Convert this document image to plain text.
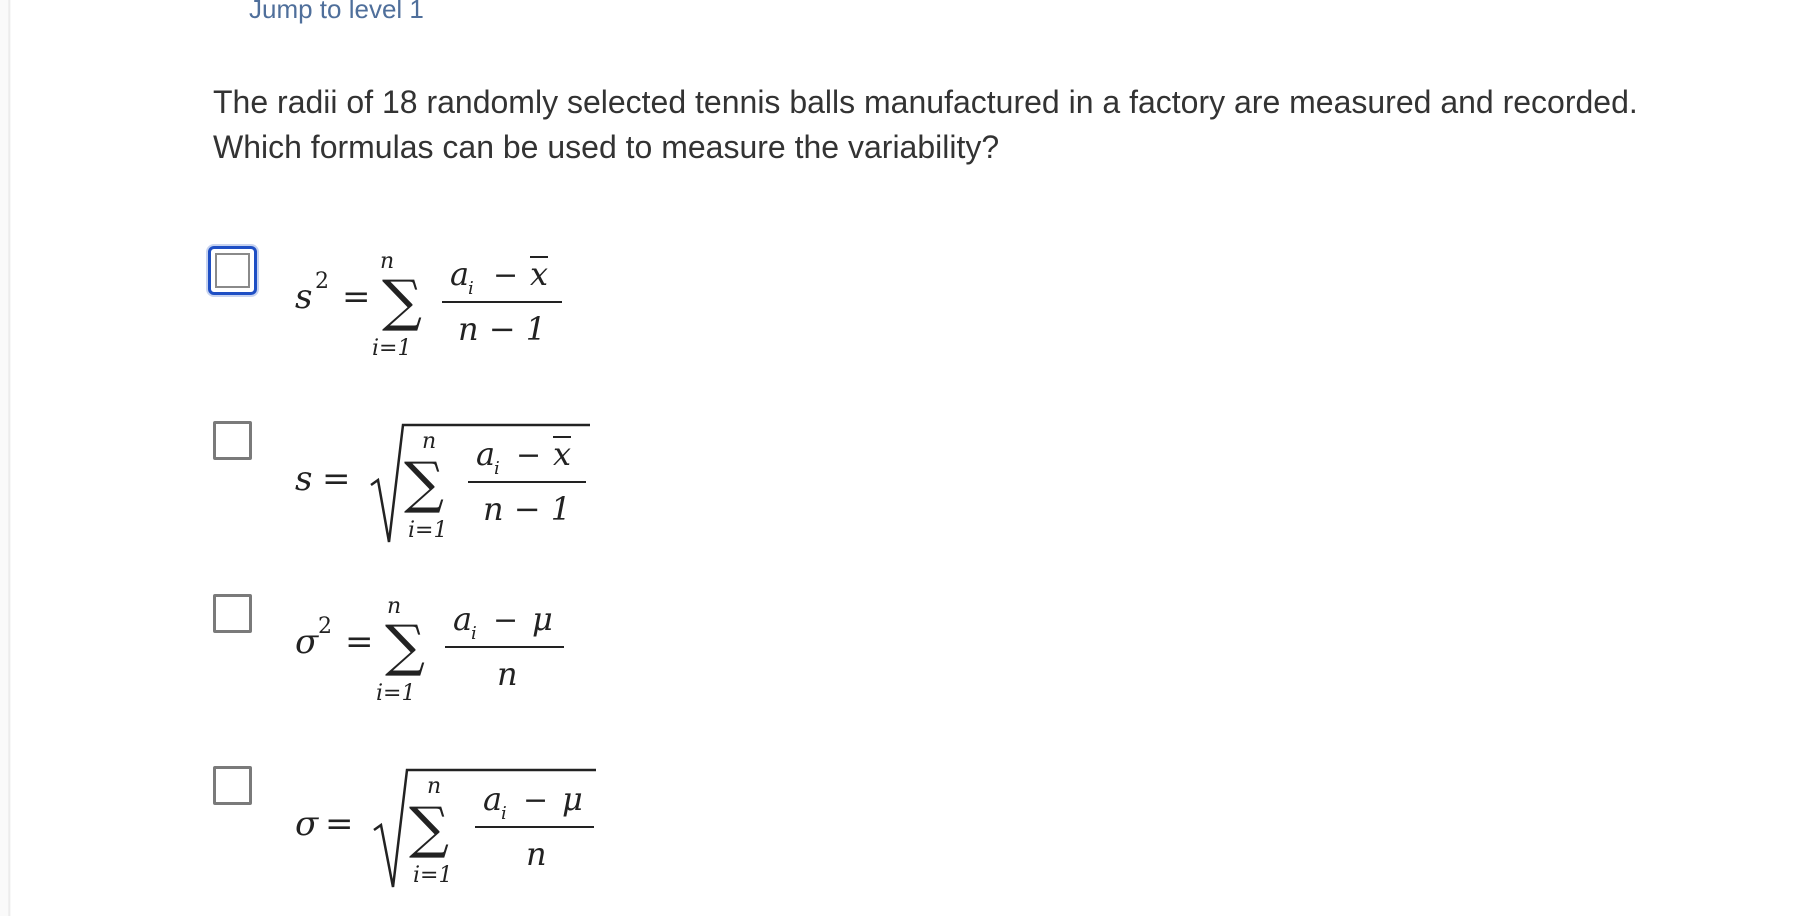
Jump to level 1
The radii of 18 randomly selected tennis balls manufactured in a factory are measured and recorded.
Which formulas can be used to measure the variability?
s 2 =
n
∑
i=1
a
i − x
n − 1
s =
n
∑
i=1
a
i − x
n − 1
σ 2 =
n
∑
i=1
a
i − μ
n
σ =
n
∑
i=1
a
i − μ
n
